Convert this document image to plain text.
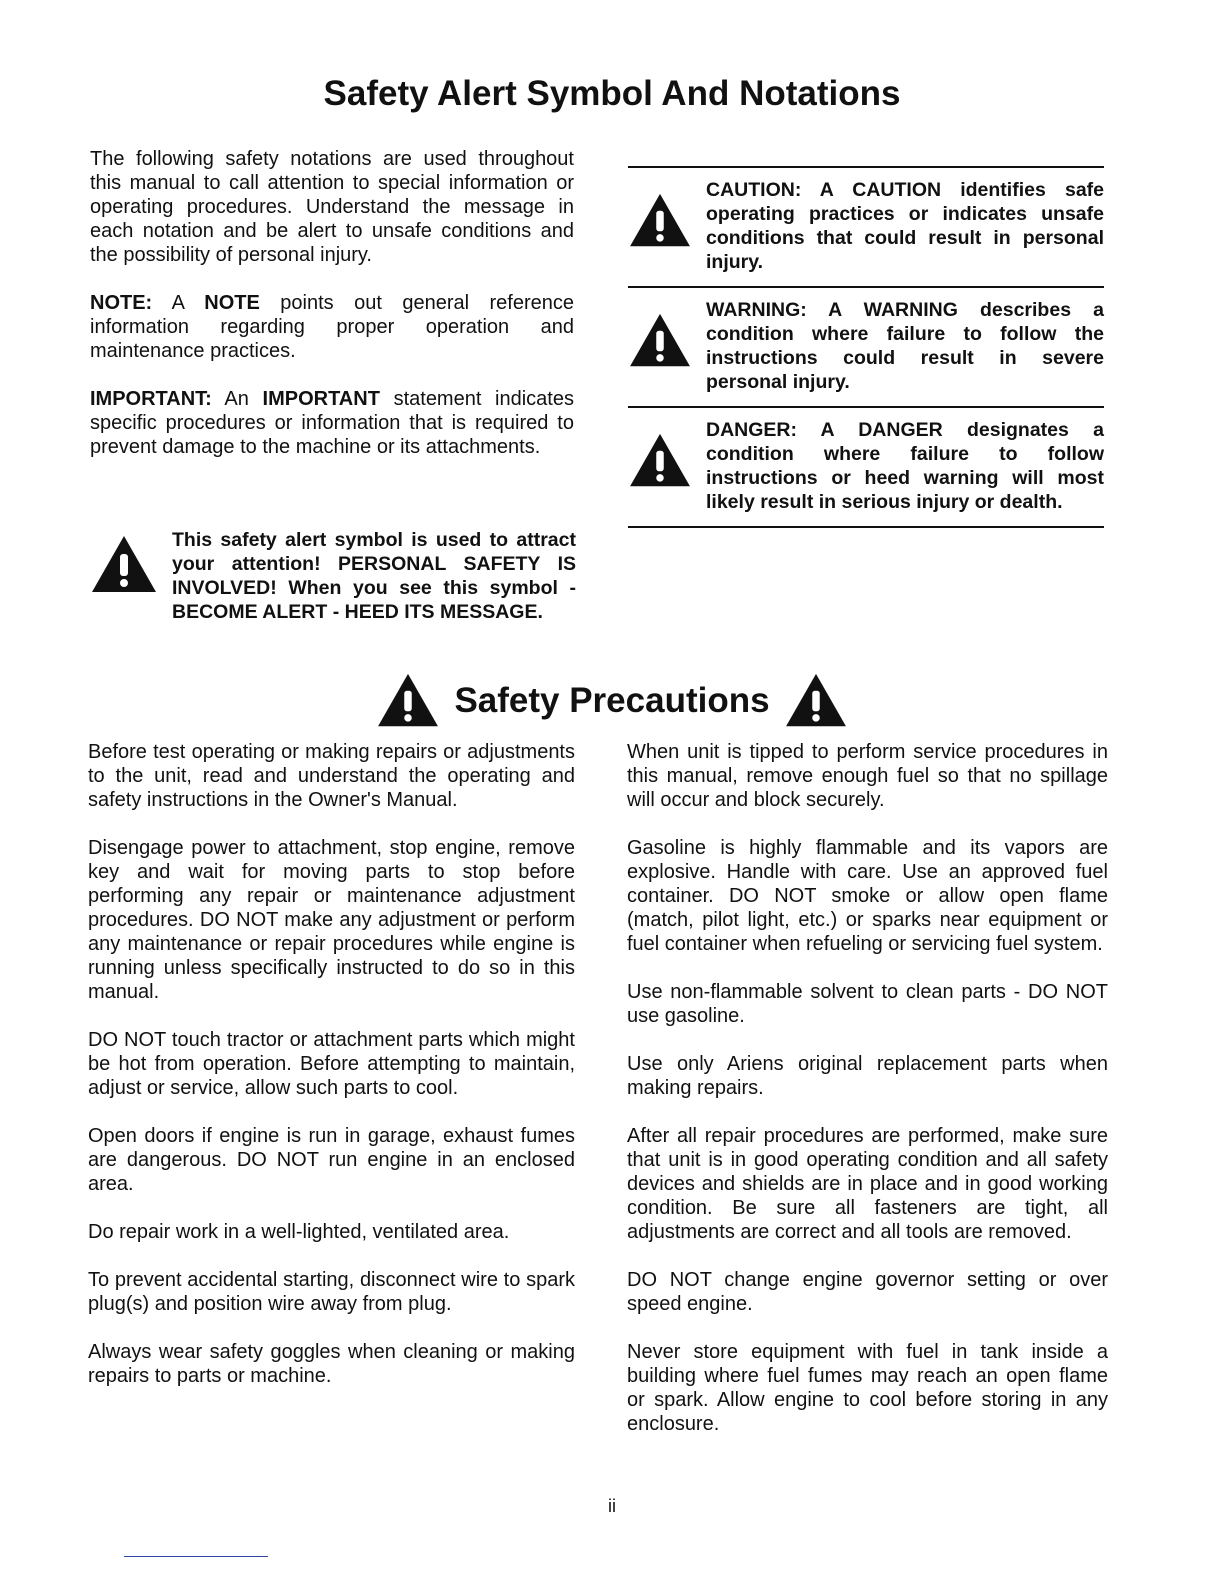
Safety Alert Symbol And Notations

The following safety notations are used throughout this manual to call attention to special information or operating procedures. Understand the message in each notation and be alert to unsafe conditions and the possibility of personal injury.

NOTE: A NOTE points out general reference information regarding proper operation and maintenance practices.

IMPORTANT: An IMPORTANT statement indicates specific procedures or information that is required to prevent damage to the machine or its attachments.

This safety alert symbol is used to attract your attention! PERSONAL SAFETY IS INVOLVED! When you see this symbol - BECOME ALERT - HEED ITS MESSAGE.
CAUTION: A CAUTION identifies safe operating practices or indicates unsafe conditions that could result in personal injury.
WARNING: A WARNING describes a condition where failure to follow the instructions could result in severe personal injury.
DANGER: A DANGER designates a condition where failure to follow instructions or heed warning will most likely result in serious injury or dealth.
Safety Precautions

Before test operating or making repairs or adjustments to the unit, read and understand the operating and safety instructions in the Owner's Manual.

Disengage power to attachment, stop engine, remove key and wait for moving parts to stop before performing any repair or maintenance adjustment procedures. DO NOT make any adjustment or perform any maintenance or repair procedures while engine is running unless specifically instructed to do so in this manual.

DO NOT touch tractor or attachment parts which might be hot from operation. Before attempting to maintain, adjust or service, allow such parts to cool.

Open doors if engine is run in garage, exhaust fumes are dangerous. DO NOT run engine in an enclosed area.

Do repair work in a well-lighted, ventilated area.

To prevent accidental starting, disconnect wire to spark plug(s) and position wire away from plug.

Always wear safety goggles when cleaning or making repairs to parts or machine.

When unit is tipped to perform service procedures in this manual, remove enough fuel so that no spillage will occur and block securely.

Gasoline is highly flammable and its vapors are explosive. Handle with care. Use an approved fuel container. DO NOT smoke or allow open flame (match, pilot light, etc.) or sparks near equipment or fuel container when refueling or servicing fuel system.

Use non-flammable solvent to clean parts - DO NOT use gasoline.

Use only Ariens original replacement parts when making repairs.

After all repair procedures are performed, make sure that unit is in good operating condition and all safety devices and shields are in place and in good working condition. Be sure all fasteners are tight, all adjustments are correct and all tools are removed.

DO NOT change engine governor setting or over speed engine.

Never store equipment with fuel in tank inside a building where fuel fumes may reach an open flame or spark. Allow engine to cool before storing in any enclosure.

ii
